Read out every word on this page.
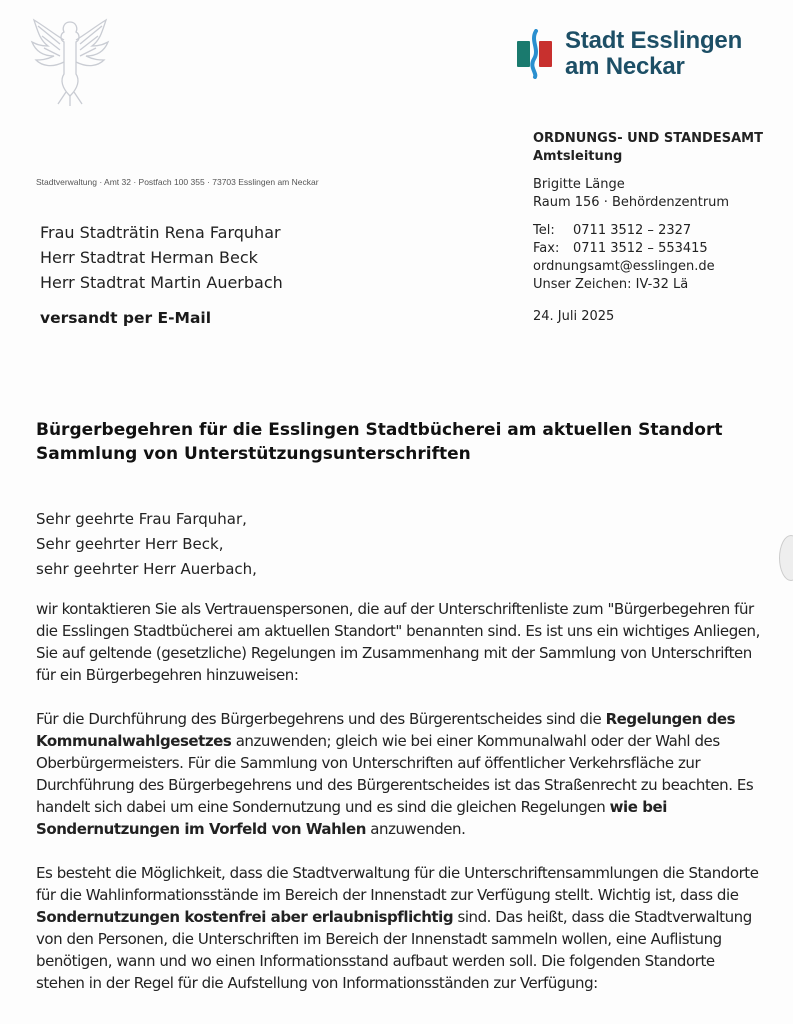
Stadt Esslingen
am Neckar
Stadtverwaltung · Amt 32 · Postfach 100 355 · 73703 Esslingen am Neckar
Frau Stadträtin Rena Farquhar
Herr Stadtrat Herman Beck
Herr Stadtrat Martin Auerbach
versandt per E-Mail
ORDNUNGS- UND STANDESAMT
Amtsleitung
Brigitte Länge
Raum 156 · Behördenzentrum
Tel:	0711 3512 – 2327
Fax:	0711 3512 – 553415
ordnungsamt@esslingen.de
Unser Zeichen: IV-32 Lä
24. Juli 2025
Bürgerbegehren für die Esslingen Stadtbücherei am aktuellen Standort
Sammlung von Unterstützungsunterschriften
Sehr geehrte Frau Farquhar,
Sehr geehrter Herr Beck,
sehr geehrter Herr Auerbach,

wir kontaktieren Sie als Vertrauenspersonen, die auf der Unterschriftenliste zum "Bürgerbegehren für die Esslingen Stadtbücherei am aktuellen Standort" benannten sind. Es ist uns ein wichtiges Anliegen, Sie auf geltende (gesetzliche) Regelungen im Zusammenhang mit der Sammlung von Unterschriften für ein Bürgerbegehren hinzuweisen:

Für die Durchführung des Bürgerbegehrens und des Bürgerentscheides sind die Regelungen des Kommunalwahlgesetzes anzuwenden; gleich wie bei einer Kommunalwahl oder der Wahl des Oberbürgermeisters. Für die Sammlung von Unterschriften auf öffentlicher Verkehrsfläche zur Durchführung des Bürgerbegehrens und des Bürgerentscheides ist das Straßenrecht zu beachten. Es handelt sich dabei um eine Sondernutzung und es sind die gleichen Regelungen wie bei Sondernutzungen im Vorfeld von Wahlen anzuwenden.

Es besteht die Möglichkeit, dass die Stadtverwaltung für die Unterschriftensammlungen die Standorte für die Wahlinformationsstände im Bereich der Innenstadt zur Verfügung stellt. Wichtig ist, dass die Sondernutzungen kostenfrei aber erlaubnispflichtig sind. Das heißt, dass die Stadtverwaltung von den Personen, die Unterschriften im Bereich der Innenstadt sammeln wollen, eine Auflistung benötigen, wann und wo einen Informationsstand aufbaut werden soll. Die folgenden Standorte stehen in der Regel für die Aufstellung von Informationsständen zur Verfügung:
